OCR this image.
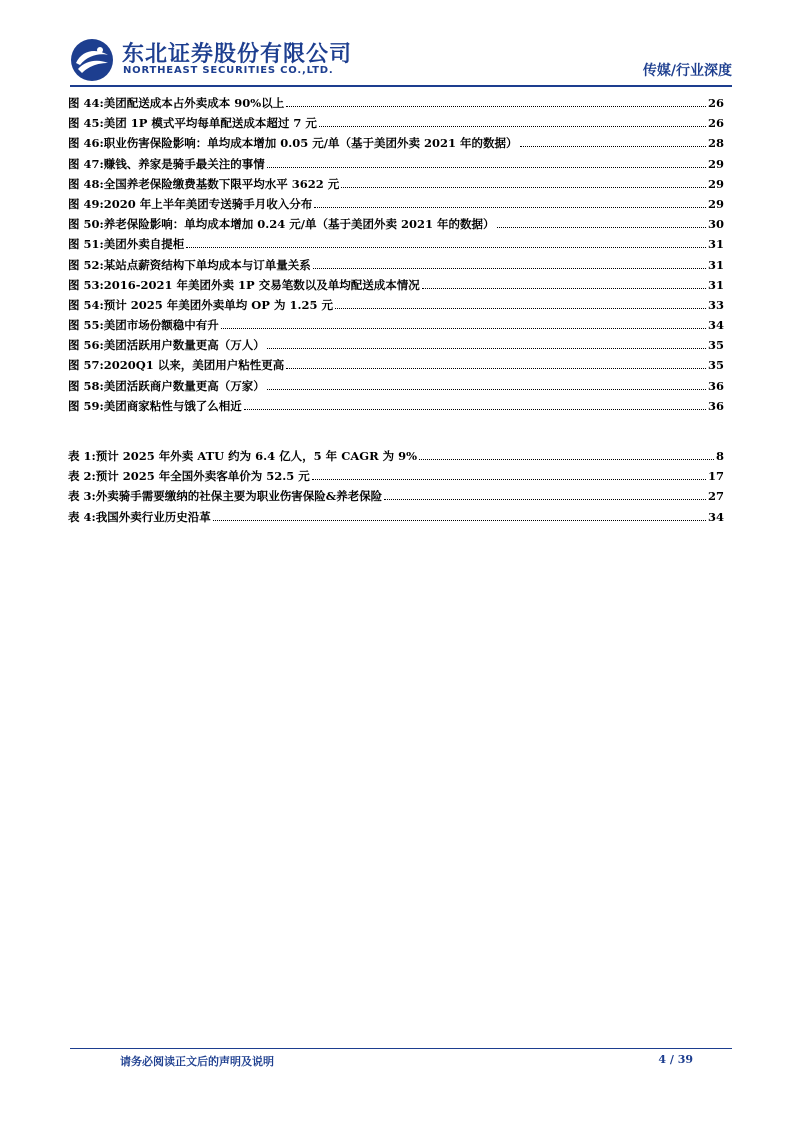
东北证券股份有限公司
NORTHEAST SECURITIES CO.,LTD.	传媒/行业深度
图 44: 美团配送成本占外卖成本 90%以上	26
图 45: 美团 1P 模式平均每单配送成本超过 7 元	26
图 46: 职业伤害保险影响：单均成本增加 0.05 元/单（基于美团外卖 2021 年的数据）	28
图 47: 赚钱、养家是骑手最关注的事情	29
图 48: 全国养老保险缴费基数下限平均水平 3622 元	29
图 49: 2020 年上半年美团专送骑手月收入分布	29
图 50: 养老保险影响：单均成本增加 0.24 元/单（基于美团外卖 2021 年的数据）	30
图 51: 美团外卖自提柜	31
图 52: 某站点薪资结构下单均成本与订单量关系	31
图 53: 2016-2021 年美团外卖 1P 交易笔数以及单均配送成本情况	31
图 54: 预计 2025 年美团外卖单均 OP 为 1.25 元	33
图 55: 美团市场份额稳中有升	34
图 56: 美团活跃用户数量更高（万人）	35
图 57: 2020Q1 以来，美团用户粘性更高	35
图 58: 美团活跃商户数量更高（万家）	36
图 59: 美团商家粘性与饿了么相近	36
表 1: 预计 2025 年外卖 ATU 约为 6.4 亿人，5 年 CAGR 为 9%	8
表 2: 预计 2025 年全国外卖客单价为 52.5 元	17
表 3: 外卖骑手需要缴纳的社保主要为职业伤害保险&养老保险	27
表 4: 我国外卖行业历史沿革	34
请务必阅读正文后的声明及说明	4 / 39
